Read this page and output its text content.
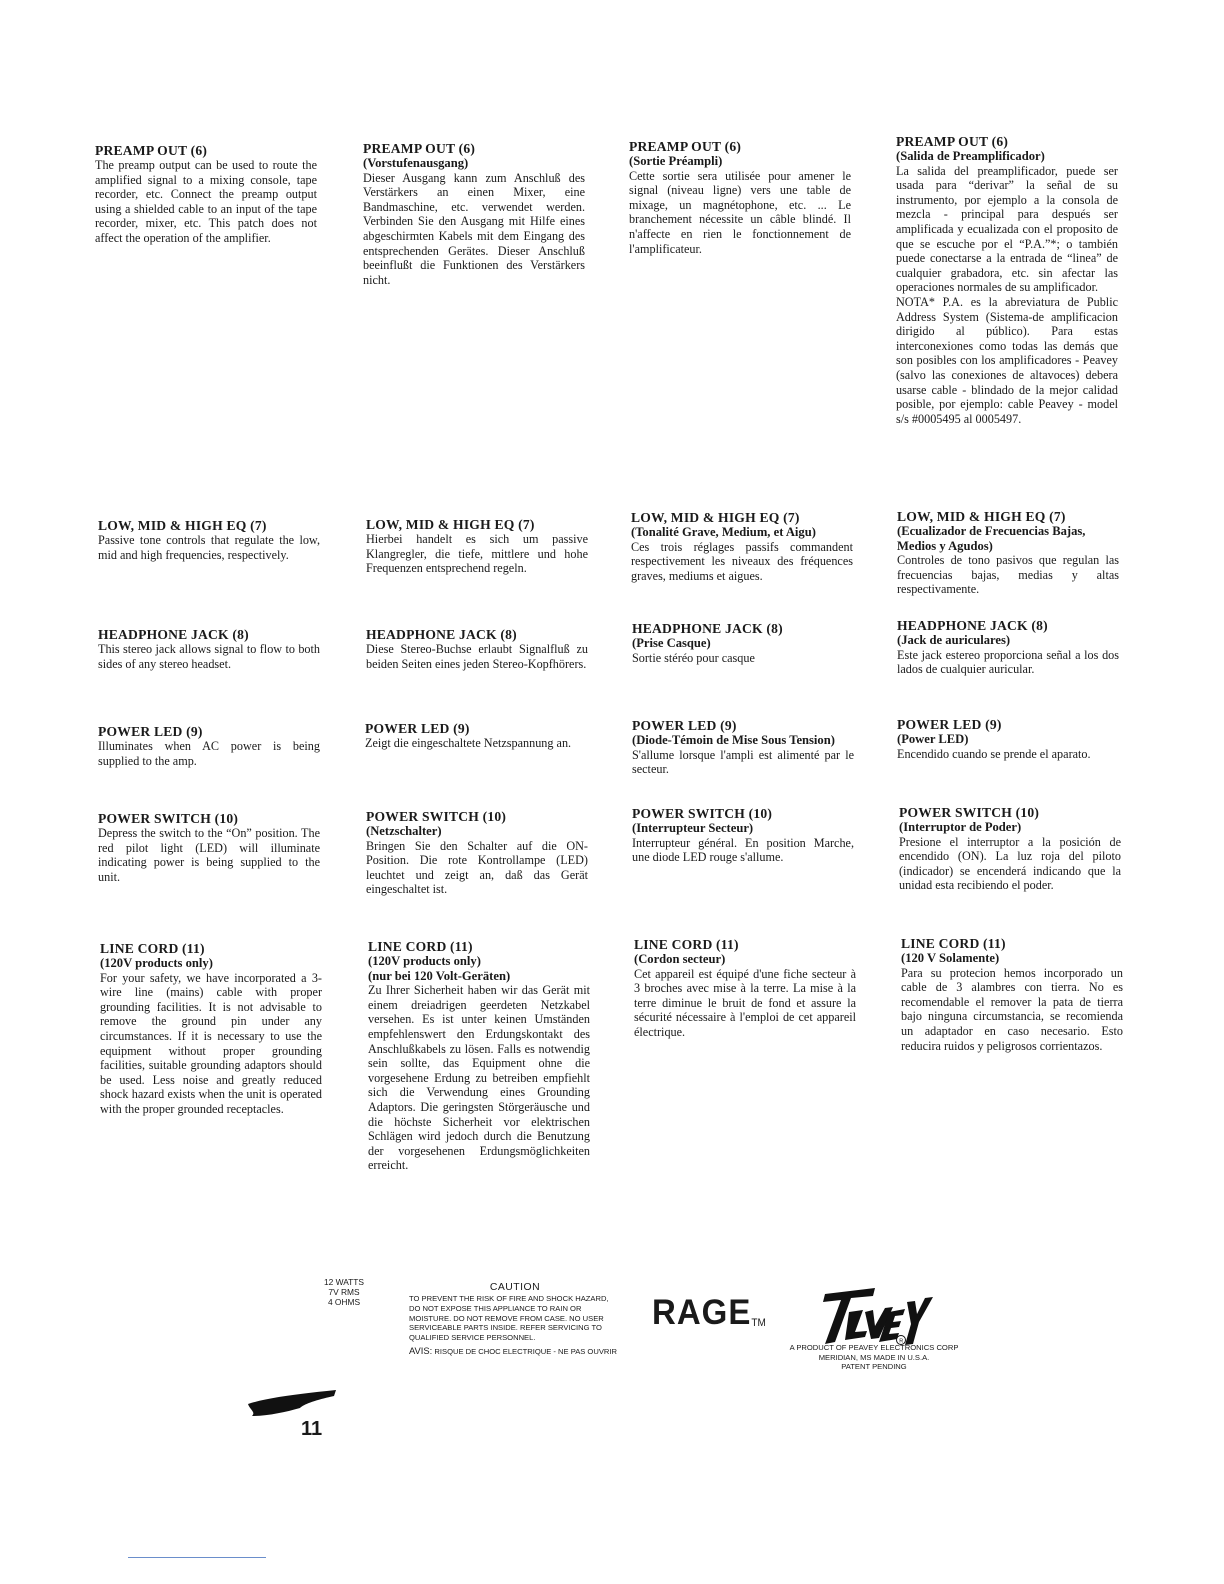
PREAMP OUT (6)

The preamp output can be used to route the amplified signal to a mixing console, tape recorder, etc. Connect the preamp output using a shielded cable to an input of the tape recorder, mixer, etc. This patch does not affect the operation of the amplifier.

LOW, MID & HIGH EQ (7)

Passive tone controls that regulate the low, mid and high frequencies, respectively.

HEADPHONE JACK (8)

This stereo jack allows signal to flow to both sides of any stereo headset.

POWER LED (9)

Illuminates when AC power is being supplied to the amp.

POWER SWITCH (10)

Depress the switch to the “On” position. The red pilot light (LED) will illuminate indicating power is being supplied to the unit.

LINE CORD (11)
(120V products only)

For your safety, we have incorporated a 3-wire line (mains) cable with proper grounding facilities. It is not advisable to remove the ground pin under any circumstances. If it is necessary to use the equipment without proper grounding facilities, suitable grounding adaptors should be used. Less noise and greatly reduced shock hazard exists when the unit is operated with the proper grounded receptacles.

PREAMP OUT (6)
(Vorstufenausgang)

Dieser Ausgang kann zum Anschluß des Verstärkers an einen Mixer, eine Bandmaschine, etc. verwendet werden. Verbinden Sie den Ausgang mit Hilfe eines abgeschirmten Kabels mit dem Eingang des entsprechenden Gerätes. Dieser Anschluß beeinflußt die Funktionen des Verstärkers nicht.

LOW, MID & HIGH EQ (7)

Hierbei handelt es sich um passive Klangregler, die tiefe, mittlere und hohe Frequenzen entsprechend regeln.

HEADPHONE JACK (8)

Diese Stereo-Buchse erlaubt Signalfluß zu beiden Seiten eines jeden Stereo-Kopfhörers.

POWER LED (9)

Zeigt die eingeschaltete Netzspannung an.

POWER SWITCH (10)
(Netzschalter)

Bringen Sie den Schalter auf die ON-Position. Die rote Kontrollampe (LED) leuchtet und zeigt an, daß das Gerät eingeschaltet ist.

LINE CORD (11)
(120V products only)
(nur bei 120 Volt-Geräten)

Zu Ihrer Sicherheit haben wir das Gerät mit einem dreiadrigen geerdeten Netzkabel versehen. Es ist unter keinen Umständen empfehlenswert den Erdungskontakt des Anschlußkabels zu lösen. Falls es notwendig sein sollte, das Equipment ohne die vorgesehene Erdung zu betreiben empfiehlt sich die Verwendung eines Grounding Adaptors. Die geringsten Störgeräusche und die höchste Sicherheit vor elektrischen Schlägen wird jedoch durch die Benutzung der vorgesehenen Erdungsmöglichkeiten erreicht.

PREAMP OUT (6)
(Sortie Préampli)

Cette sortie sera utilisée pour amener le signal (niveau ligne) vers une table de mixage, un magnétophone, etc. ... Le branchement nécessite un câble blindé. Il n'affecte en rien le fonctionnement de l'amplificateur.

LOW, MID & HIGH EQ (7)
(Tonalité Grave, Medium, et Aigu)

Ces trois réglages passifs commandent respectivement les niveaux des fréquences graves, mediums et aigues.

HEADPHONE JACK (8)
(Prise Casque)

Sortie stéréo pour casque

POWER LED (9)
(Diode-Témoin de Mise Sous Tension)

S'allume lorsque l'ampli est alimenté par le secteur.

POWER SWITCH (10)
(Interrupteur Secteur)

Interrupteur général. En position Marche, une diode LED rouge s'allume.

LINE CORD (11)
(Cordon secteur)

Cet appareil est équipé d'une fiche secteur à 3 broches avec mise à la terre. La mise à la terre diminue le bruit de fond et assure la sécurité nécessaire à l'emploi de cet appareil électrique.

PREAMP OUT (6)
(Salida de Preamplificador)

La salida del preamplificador, puede ser usada para “derivar” la señal de su instrumento, por ejemplo a la consola de mezcla - principal para después ser amplificada y ecualizada con el proposito de que se escuche por el “P.A.”*; o también puede conectarse a la entrada de “linea” de cualquier grabadora, etc. sin afectar las operaciones normales de su amplificador.

NOTA* P.A. es la abreviatura de Public Address System (Sistema-de amplificacion dirigido al público). Para estas interconexiones como todas las demás que son posibles con los amplificadores - Peavey (salvo las conexiones de altavoces) debera usarse cable - blindado de la mejor calidad posible, por ejemplo: cable Peavey - model s/s #0005495 al 0005497.

LOW, MID & HIGH EQ (7)
(Ecualizador de Frecuencias Bajas, Medios y Agudos)

Controles de tono pasivos que regulan las frecuencias bajas, medias y altas respectivamente.

HEADPHONE JACK (8)
(Jack de auriculares)

Este jack estereo proporciona señal a los dos lados de cualquier auricular.

POWER LED (9)
(Power LED)

Encendido cuando se prende el aparato.

POWER SWITCH (10)
(Interruptor de Poder)

Presione el interruptor a la posición de encendido (ON). La luz roja del piloto (indicador) se encenderá indicando que la unidad esta recibiendo el poder.

LINE CORD (11)
(120 V Solamente)

Para su protecion hemos incorporado un cable de 3 alambres con tierra. No es recomendable el remover la pata de tierra bajo ninguna circumstancia, se recomienda un adaptador en caso necesario. Esto reducira ruidos y peligrosos corrientazos.

12 WATTS
7V RMS
4 OHMS
CAUTION
TO PREVENT THE RISK OF FIRE AND SHOCK HAZARD, DO NOT EXPOSE THIS APPLIANCE TO RAIN OR MOISTURE. DO NOT REMOVE FROM CASE. NO USER SERVICEABLE PARTS INSIDE. REFER SERVICING TO QUALIFIED SERVICE PERSONNEL.
AVIS: RISQUE DE CHOC ELECTRIQUE - NE PAS OUVRIR
RAGE™
R
A PRODUCT OF PEAVEY ELECTRONICS CORP
MERIDIAN, MS MADE IN U.S.A.
PATENT PENDING
11
